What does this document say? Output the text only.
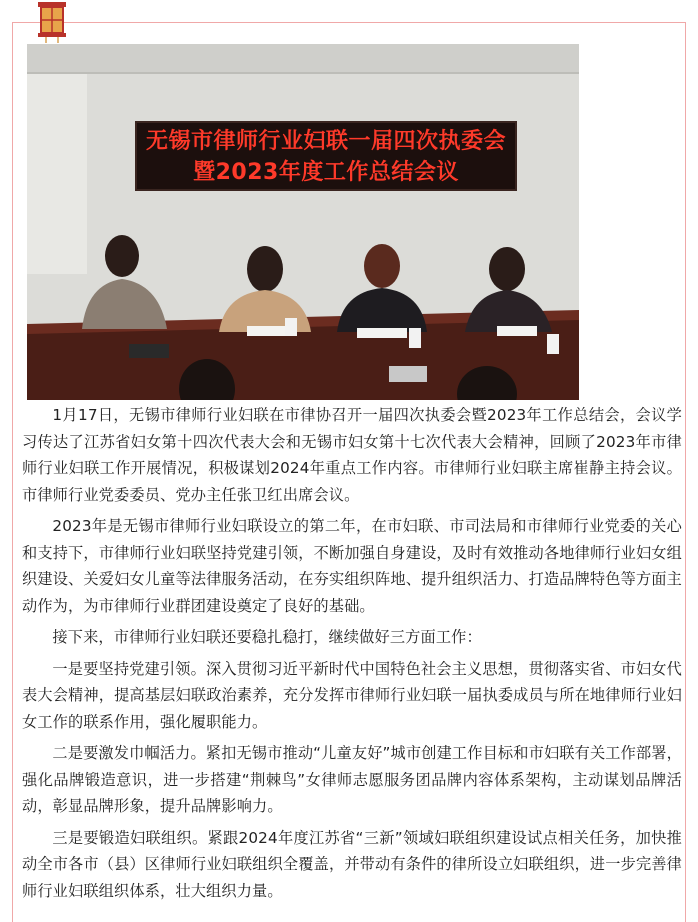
无锡市律师行业妇联一届四次执委会
暨2023年度工作总结会议

1月17日，无锡市律师行业妇联在市律协召开一届四次执委会暨2023年工作总结会，会议学习传达了江苏省妇女第十四次代表大会和无锡市妇女第十七次代表大会精神，回顾了2023年市律师行业妇联工作开展情况，积极谋划2024年重点工作内容。市律师行业妇联主席崔静主持会议。市律师行业党委委员、党办主任张卫红出席会议。

2023年是无锡市律师行业妇联设立的第二年，在市妇联、市司法局和市律师行业党委的关心和支持下，市律师行业妇联坚持党建引领，不断加强自身建设，及时有效推动各地律师行业妇女组织建设、关爱妇女儿童等法律服务活动，在夯实组织阵地、提升组织活力、打造品牌特色等方面主动作为，为市律师行业群团建设奠定了良好的基础。

接下来，市律师行业妇联还要稳扎稳打，继续做好三方面工作：

一是要坚持党建引领。深入贯彻习近平新时代中国特色社会主义思想，贯彻落实省、市妇女代表大会精神，提高基层妇联政治素养，充分发挥市律师行业妇联一届执委成员与所在地律师行业妇女工作的联系作用，强化履职能力。

二是要激发巾帼活力。紧扣无锡市推动“儿童友好”城市创建工作目标和市妇联有关工作部署，强化品牌锻造意识，进一步搭建“荆棘鸟”女律师志愿服务团品牌内容体系架构，主动谋划品牌活动，彰显品牌形象，提升品牌影响力。

三是要锻造妇联组织。紧跟2024年度江苏省“三新”领域妇联组织建设试点相关任务，加快推动全市各市（县）区律师行业妇联组织全覆盖，并带动有条件的律所设立妇联组织，进一步完善律师行业妇联组织体系，壮大组织力量。
